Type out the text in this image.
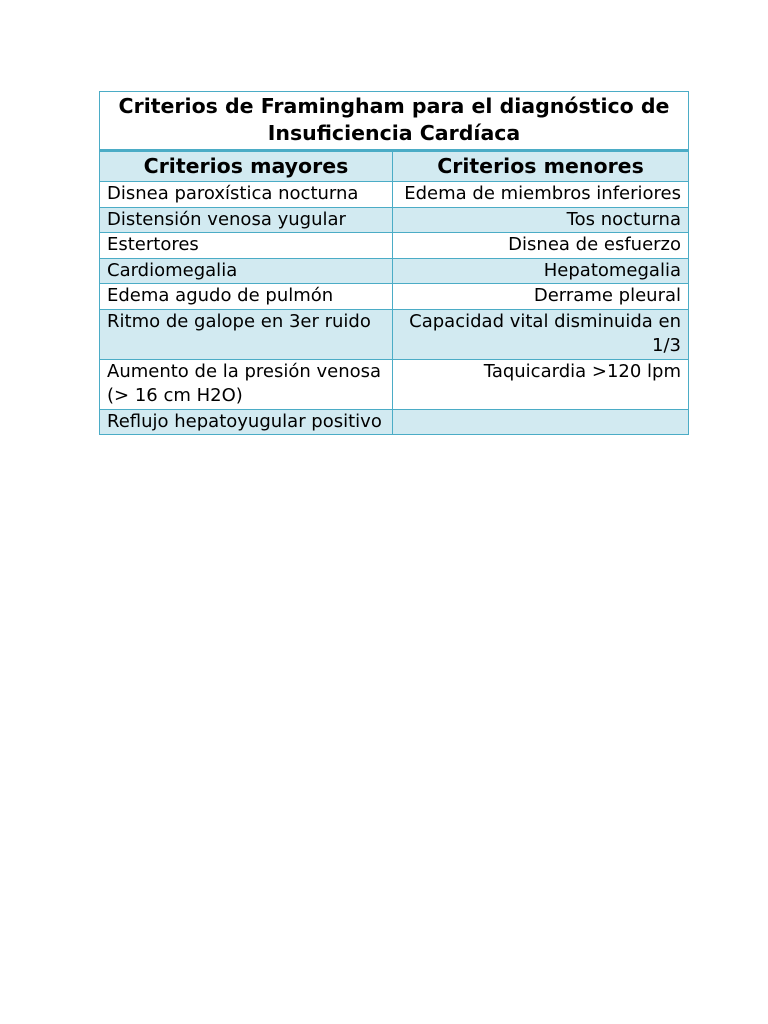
Criterios de Framingham para el diagnóstico de Insuficiencia Cardíaca	
Criterios mayores	Criterios menores
Disnea paroxística nocturna	Edema de miembros inferiores
Distensión venosa yugular	Tos nocturna
Estertores	Disnea de esfuerzo
Cardiomegalia	Hepatomegalia
Edema agudo de pulmón	Derrame pleural
Ritmo de galope en 3er ruido	Capacidad vital disminuida en 1/3
Aumento de la presión venosa (> 16 cm H2O)	Taquicardia >120 lpm
Reflujo hepatoyugular positivo	
